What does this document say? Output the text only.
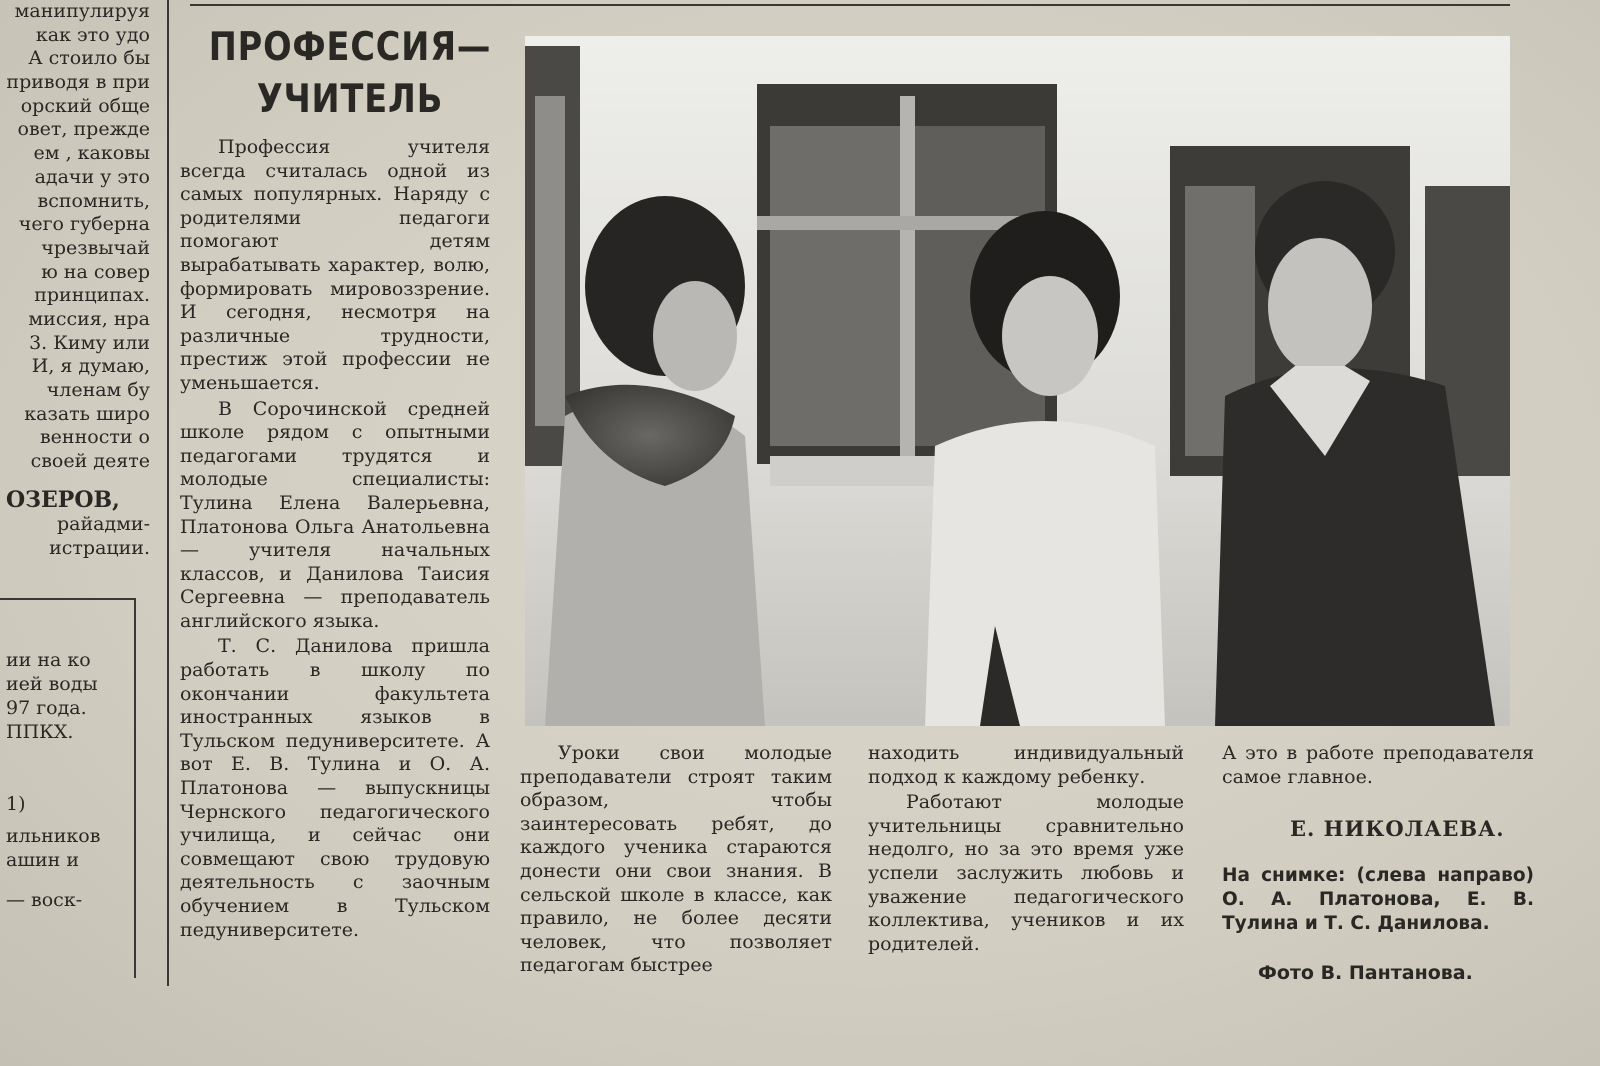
манипулируя
как это удо
А стоило бы
приводя в при
орский обще
овет, прежде
ем , каковы
адачи у это
вспомнить,
чего губерна
чрезвычай
ю на совер
принципах.
миссия, нра
3. Киму или
И, я думаю,
членам бу
казать широ
венности о
своей деяте
ОЗЕРОВ,
райадми-
истрации.
ии на ко
ией воды
97 года.
ППКХ.
1)
ильников
ашин и
— воск-
ПРОФЕССИЯ—
УЧИТЕЛЬ

Профессия учителя всегда считалась одной из самых популярных. Наряду с родителями педагоги помогают детям вырабатывать характер, волю, формировать мировоззрение. И сегодня, несмотря на различные трудности, престиж этой профессии не уменьшается.

В Сорочинской средней школе рядом с опытными педагогами трудятся и молодые специалисты: Тулина Елена Валерьевна, Платонова Ольга Анатольевна — учителя начальных классов, и Данилова Таисия Сергеевна — преподаватель английского языка.

Т. С. Данилова пришла работать в школу по окончании факультета иностранных языков в Тульском педуниверситете. А вот Е. В. Тулина и О. А. Платонова — выпускницы Чернского педагогического училища, и сейчас они совмещают свою трудовую деятельность с заочным обучением в Тульском педуниверситете.

Уроки свои молодые преподаватели строят таким образом, чтобы заинтересовать ребят, до каждого ученика стараются донести они свои знания. В сельской школе в классе, как правило, не более десяти человек, что позволяет педагогам быстрее

находить индивидуальный подход к каждому ребенку.

Работают молодые учительницы сравнительно недолго, но за это время уже успели заслужить любовь и уважение педагогического коллектива, учеников и их родителей.

А это в работе преподавателя самое главное.

Е. НИКОЛАЕВА.
На снимке: (слева направо) О. А. Платонова, Е. В. Тулина и Т. С. Данилова.
Фото В. Пантанова.
